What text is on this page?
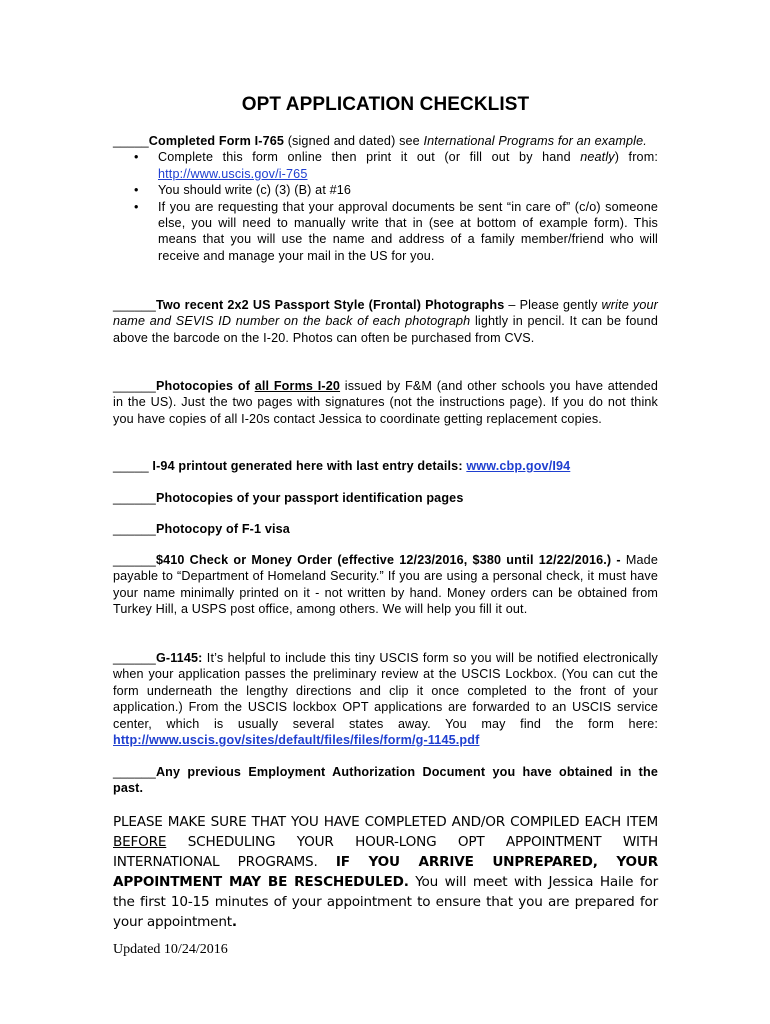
OPT APPLICATION CHECKLIST
_____Completed Form I-765 (signed and dated) see International Programs for an example.
• Complete this form online then print it out (or fill out by hand neatly) from: http://www.uscis.gov/i-765
• You should write (c) (3) (B) at #16
• If you are requesting that your approval documents be sent “in care of” (c/o) someone else, you will need to manually write that in (see at bottom of example form). This means that you will use the name and address of a family member/friend who will receive and manage your mail in the US for you.
______Two recent 2x2 US Passport Style (Frontal) Photographs – Please gently write your name and SEVIS ID number on the back of each photograph lightly in pencil. It can be found above the barcode on the I-20. Photos can often be purchased from CVS.
______Photocopies of all Forms I-20 issued by F&M (and other schools you have attended in the US). Just the two pages with signatures (not the instructions page). If you do not think you have copies of all I-20s contact Jessica to coordinate getting replacement copies.
_____ I-94 printout generated here with last entry details: www.cbp.gov/I94
______Photocopies of your passport identification pages
______Photocopy of F-1 visa
______$410 Check or Money Order (effective 12/23/2016, $380 until 12/22/2016.) - Made payable to “Department of Homeland Security.” If you are using a personal check, it must have your name minimally printed on it - not written by hand. Money orders can be obtained from Turkey Hill, a USPS post office, among others. We will help you fill it out.
______G-1145: It’s helpful to include this tiny USCIS form so you will be notified electronically when your application passes the preliminary review at the USCIS Lockbox. (You can cut the form underneath the lengthy directions and clip it once completed to the front of your application.) From the USCIS lockbox OPT applications are forwarded to an USCIS service center, which is usually several states away. You may find the form here: http://www.uscis.gov/sites/default/files/files/form/g-1145.pdf
______Any previous Employment Authorization Document you have obtained in the past.
PLEASE MAKE SURE THAT YOU HAVE COMPLETED AND/OR COMPILED EACH ITEM BEFORE SCHEDULING YOUR HOUR-LONG OPT APPOINTMENT WITH INTERNATIONAL PROGRAMS. IF YOU ARRIVE UNPREPARED, YOUR APPOINTMENT MAY BE RESCHEDULED. You will meet with Jessica Haile for the first 10-15 minutes of your appointment to ensure that you are prepared for your appointment.
Updated 10/24/2016
